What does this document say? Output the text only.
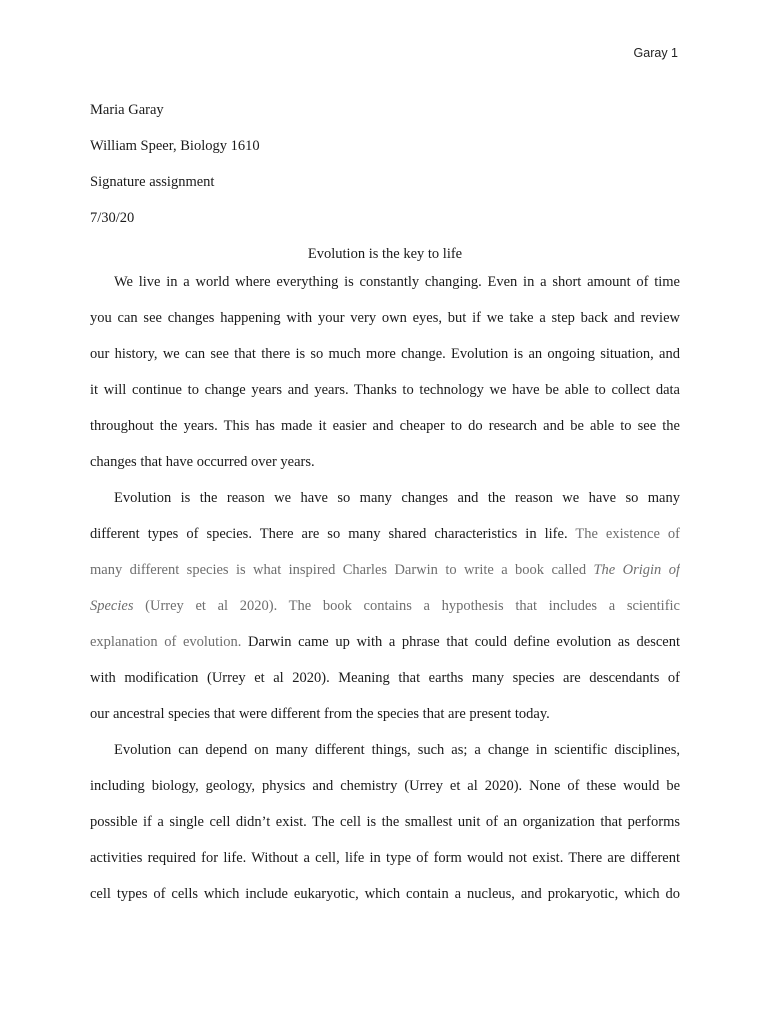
Garay 1
Maria Garay
William Speer, Biology 1610
Signature assignment
7/30/20
Evolution is the key to life
We live in a world where everything is constantly changing. Even in a short amount of time
you can see changes happening with your very own eyes, but if we take a step back and review
our history, we can see that there is so much more change. Evolution is an ongoing situation, and
it will continue to change years and years. Thanks to technology we have be able to collect data
throughout the years. This has made it easier and cheaper to do research and be able to see the
changes that have occurred over years.
Evolution is the reason we have so many changes and the reason we have so many
different types of species. There are so many shared characteristics in life. The existence of
many different species is what inspired Charles Darwin to write a book called The Origin of
Species (Urrey et al 2020). The book contains a hypothesis that includes a scientific
explanation of evolution. Darwin came up with a phrase that could define evolution as descent
with modification (Urrey et al 2020). Meaning that earths many species are descendants of
our ancestral species that were different from the species that are present today.
Evolution can depend on many different things, such as; a change in scientific disciplines,
including biology, geology, physics and chemistry (Urrey et al 2020). None of these would be
possible if a single cell didn’t exist. The cell is the smallest unit of an organization that performs
activities required for life. Without a cell, life in type of form would not exist. There are different
cell types of cells which include eukaryotic, which contain a nucleus, and prokaryotic, which do
